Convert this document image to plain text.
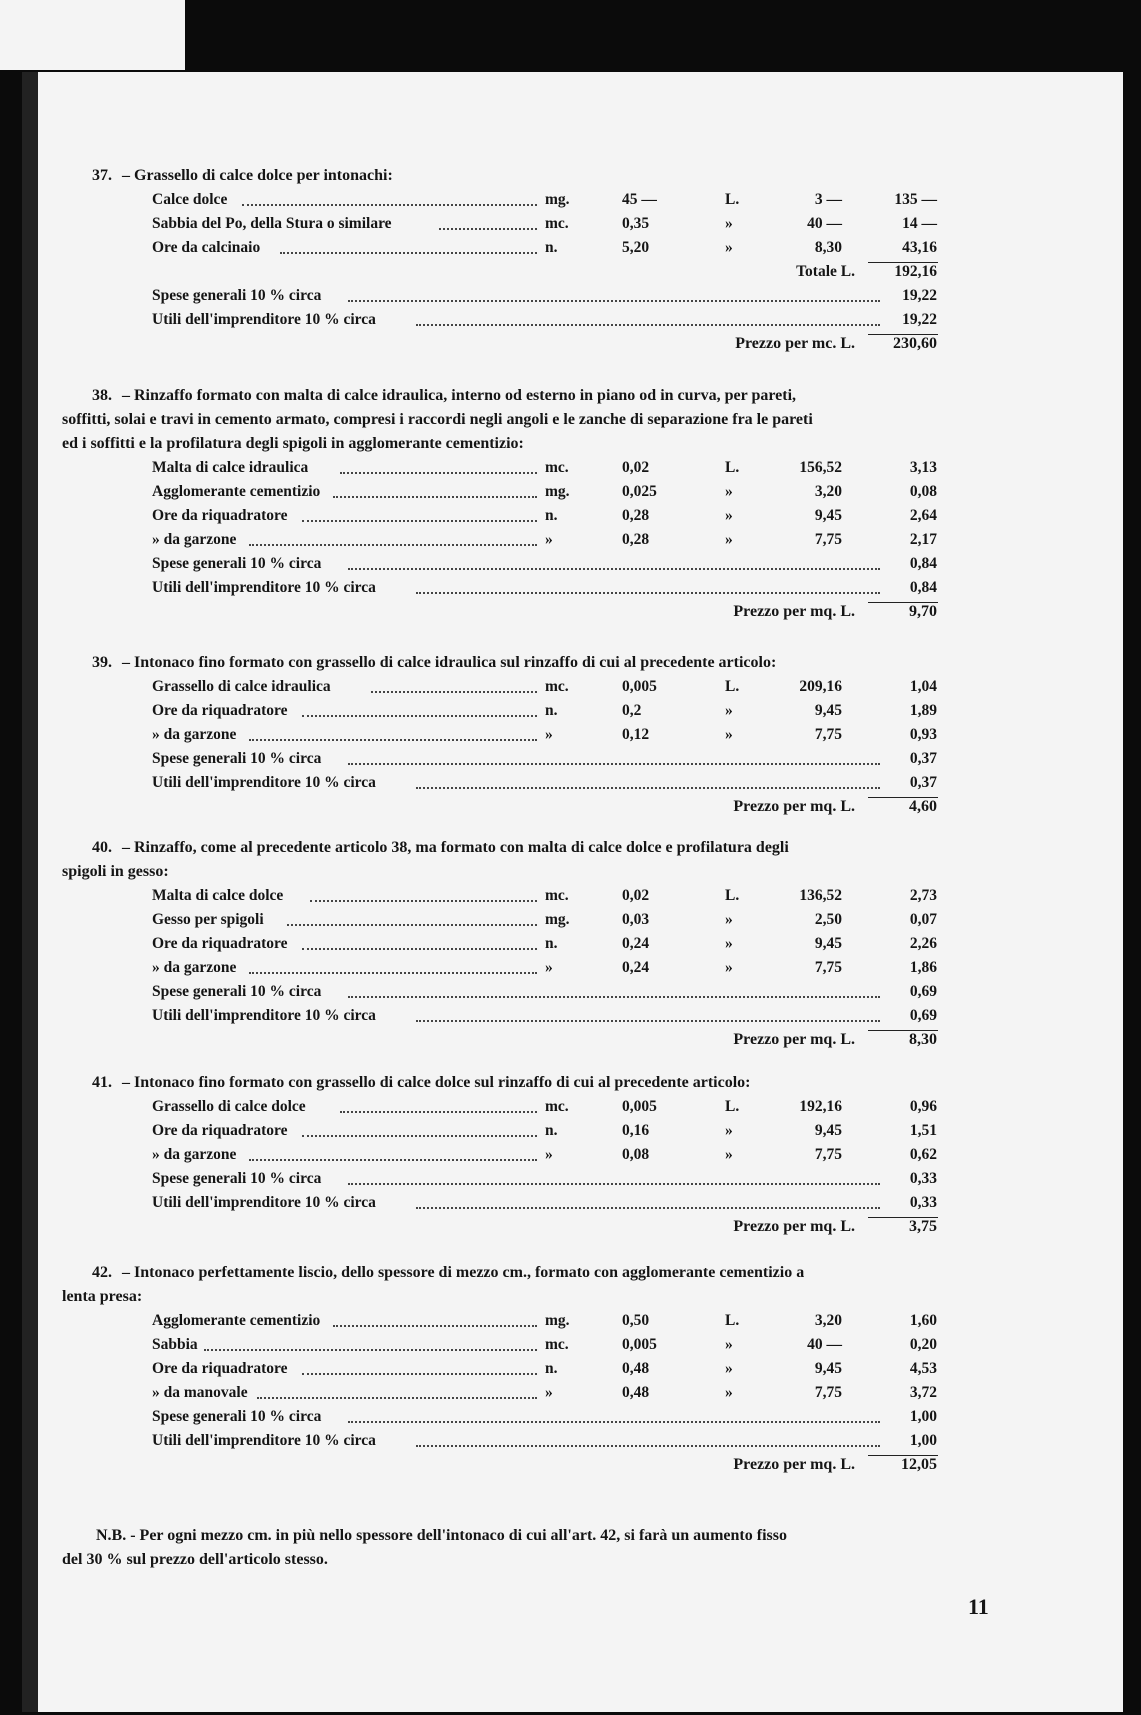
37. – Grassello di calce dolce per intonachi:
Calce dolce	mg.	45 —	L.	3 —	135 —
Sabbia del Po, della Stura o similare	mc.	0,35	»	40 —	14 —
Ore da calcinaio	n.	5,20	»	8,30	43,16
Totale L.	192,16
Spese generali 10 % circa	19,22
Utili dell'imprenditore 10 % circa	19,22
Prezzo per mc. L. 230,60
38. – Rinzaffo formato con malta di calce idraulica, interno od esterno in piano od in curva, per pareti,
soffitti, solai e travi in cemento armato, compresi i raccordi negli angoli e le zanche di separazione fra le pareti
ed i soffitti e la profilatura degli spigoli in agglomerante cementizio:
Malta di calce idraulica	mc.	0,02	L.	156,52	3,13
Agglomerante cementizio	mg.	0,025	»	3,20	0,08
Ore da riquadratore	n.	0,28	»	9,45	2,64
» da garzone	»	0,28	»	7,75	2,17
Spese generali 10 % circa	0,84
Utili dell'imprenditore 10 % circa	0,84
Prezzo per mq. L.	9,70
39. – Intonaco fino formato con grassello di calce idraulica sul rinzaffo di cui al precedente articolo:
Grassello di calce idraulica	mc.	0,005	L.	209,16	1,04
Ore da riquadratore	n.	0,2	»	9,45	1,89
» da garzone	»	0,12	»	7,75	0,93
Spese generali 10 % circa	0,37
Utili dell'imprenditore 10 % circa	0,37
Prezzo per mq. L.	4,60
40. – Rinzaffo, come al precedente articolo 38, ma formato con malta di calce dolce e profilatura degli
spigoli in gesso:
Malta di calce dolce	mc.	0,02	L.	136,52	2,73
Gesso per spigoli	mg.	0,03	»	2,50	0,07
Ore da riquadratore	n.	0,24	»	9,45	2,26
» da garzone	»	0,24	»	7,75	1,86
Spese generali 10 % circa	0,69
Utili dell'imprenditore 10 % circa	0,69
Prezzo per mq. L.	8,30
41. – Intonaco fino formato con grassello di calce dolce sul rinzaffo di cui al precedente articolo:
Grassello di calce dolce	mc.	0,005	L.	192,16	0,96
Ore da riquadratore	n.	0,16	»	9,45	1,51
» da garzone	»	0,08	»	7,75	0,62
Spese generali 10 % circa	0,33
Utili dell'imprenditore 10 % circa	0,33
Prezzo per mq. L.	3,75
42. – Intonaco perfettamente liscio, dello spessore di mezzo cm., formato con agglomerante cementizio a
lenta presa:
Agglomerante cementizio	mg.	0,50	L.	3,20	1,60
Sabbia	mc.	0,005	»	40 —	0,20
Ore da riquadratore	n.	0,48	»	9,45	4,53
» da manovale	»	0,48	»	7,75	3,72
Spese generali 10 % circa	1,00
Utili dell'imprenditore 10 % circa	1,00
Prezzo per mq. L.	12,05
N.B. - Per ogni mezzo cm. in più nello spessore dell'intonaco di cui all'art. 42, si farà un aumento fisso
del 30 % sul prezzo dell'articolo stesso.
11
